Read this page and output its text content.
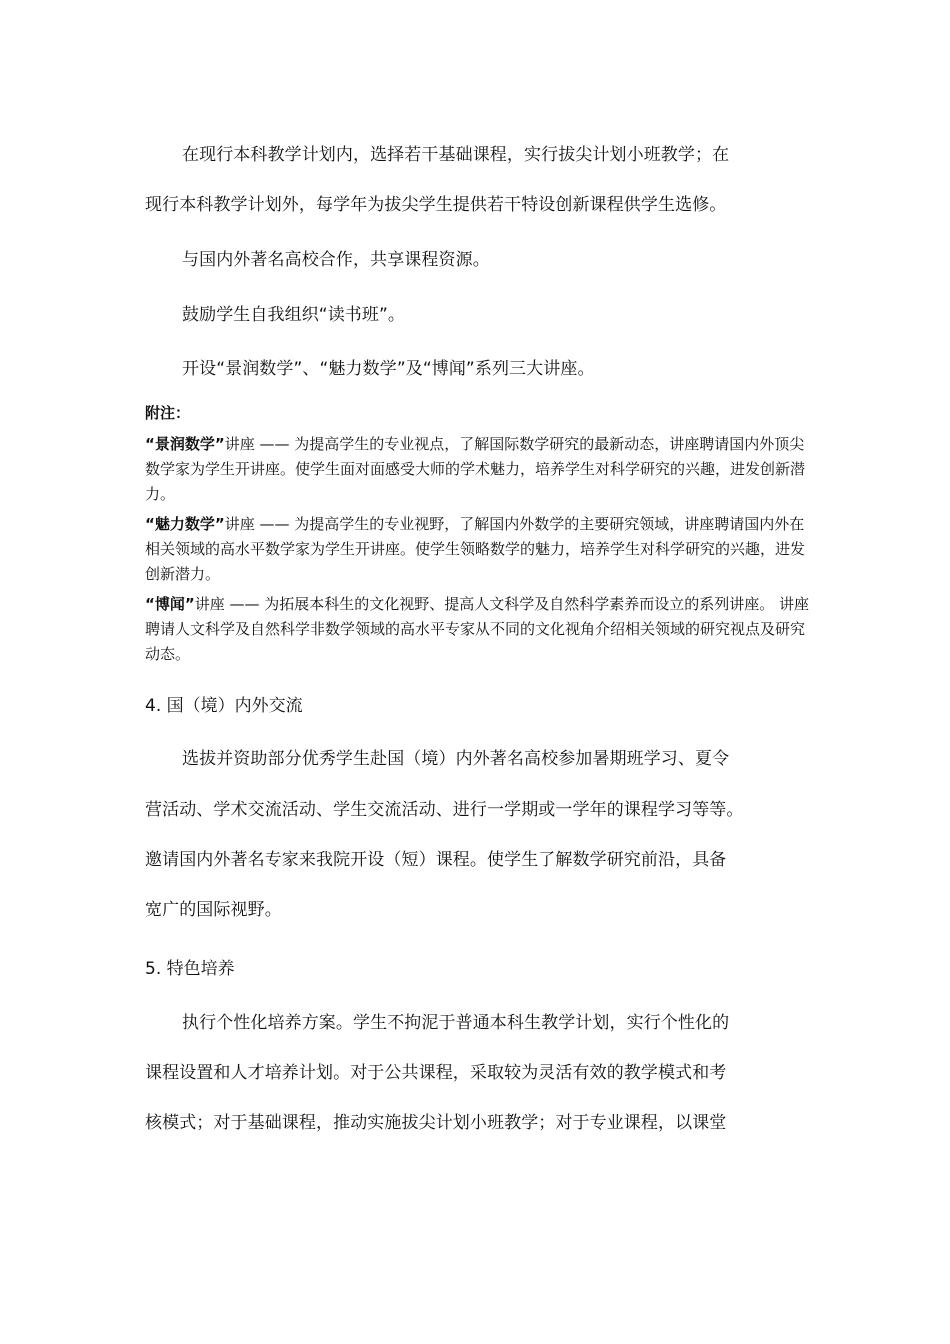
在现行本科教学计划内，选择若干基础课程，实行拔尖计划小班教学；在

现行本科教学计划外，每学年为拔尖学生提供若干特设创新课程供学生选修。

与国内外著名高校合作，共享课程资源。

鼓励学生自我组织“读书班”。

开设“景润数学”、“魅力数学”及“博闻”系列三大讲座。

附注：

“景润数学”讲座 —— 为提高学生的专业视点，了解国际数学研究的最新动态，讲座聘请国内外顶尖数学家为学生开讲座。使学生面对面感受大师的学术魅力，培养学生对科学研究的兴趣，进发创新潜力。

“魅力数学”讲座 —— 为提高学生的专业视野，了解国内外数学的主要研究领域，讲座聘请国内外在相关领域的高水平数学家为学生开讲座。使学生领略数学的魅力，培养学生对科学研究的兴趣，进发创新潜力。

“博闻”讲座 —— 为拓展本科生的文化视野、提高人文科学及自然科学素养而设立的系列讲座。 讲座聘请人文科学及自然科学非数学领域的高水平专家从不同的文化视角介绍相关领域的研究视点及研究动态。

4. 国（境）内外交流

选拔并资助部分优秀学生赴国（境）内外著名高校参加暑期班学习、夏令

营活动、学术交流活动、学生交流活动、进行一学期或一学年的课程学习等等。

邀请国内外著名专家来我院开设（短）课程。使学生了解数学研究前沿，具备

宽广的国际视野。

5. 特色培养

执行个性化培养方案。学生不拘泥于普通本科生教学计划，实行个性化的

课程设置和人才培养计划。对于公共课程，采取较为灵活有效的教学模式和考

核模式；对于基础课程，推动实施拔尖计划小班教学；对于专业课程，以课堂
